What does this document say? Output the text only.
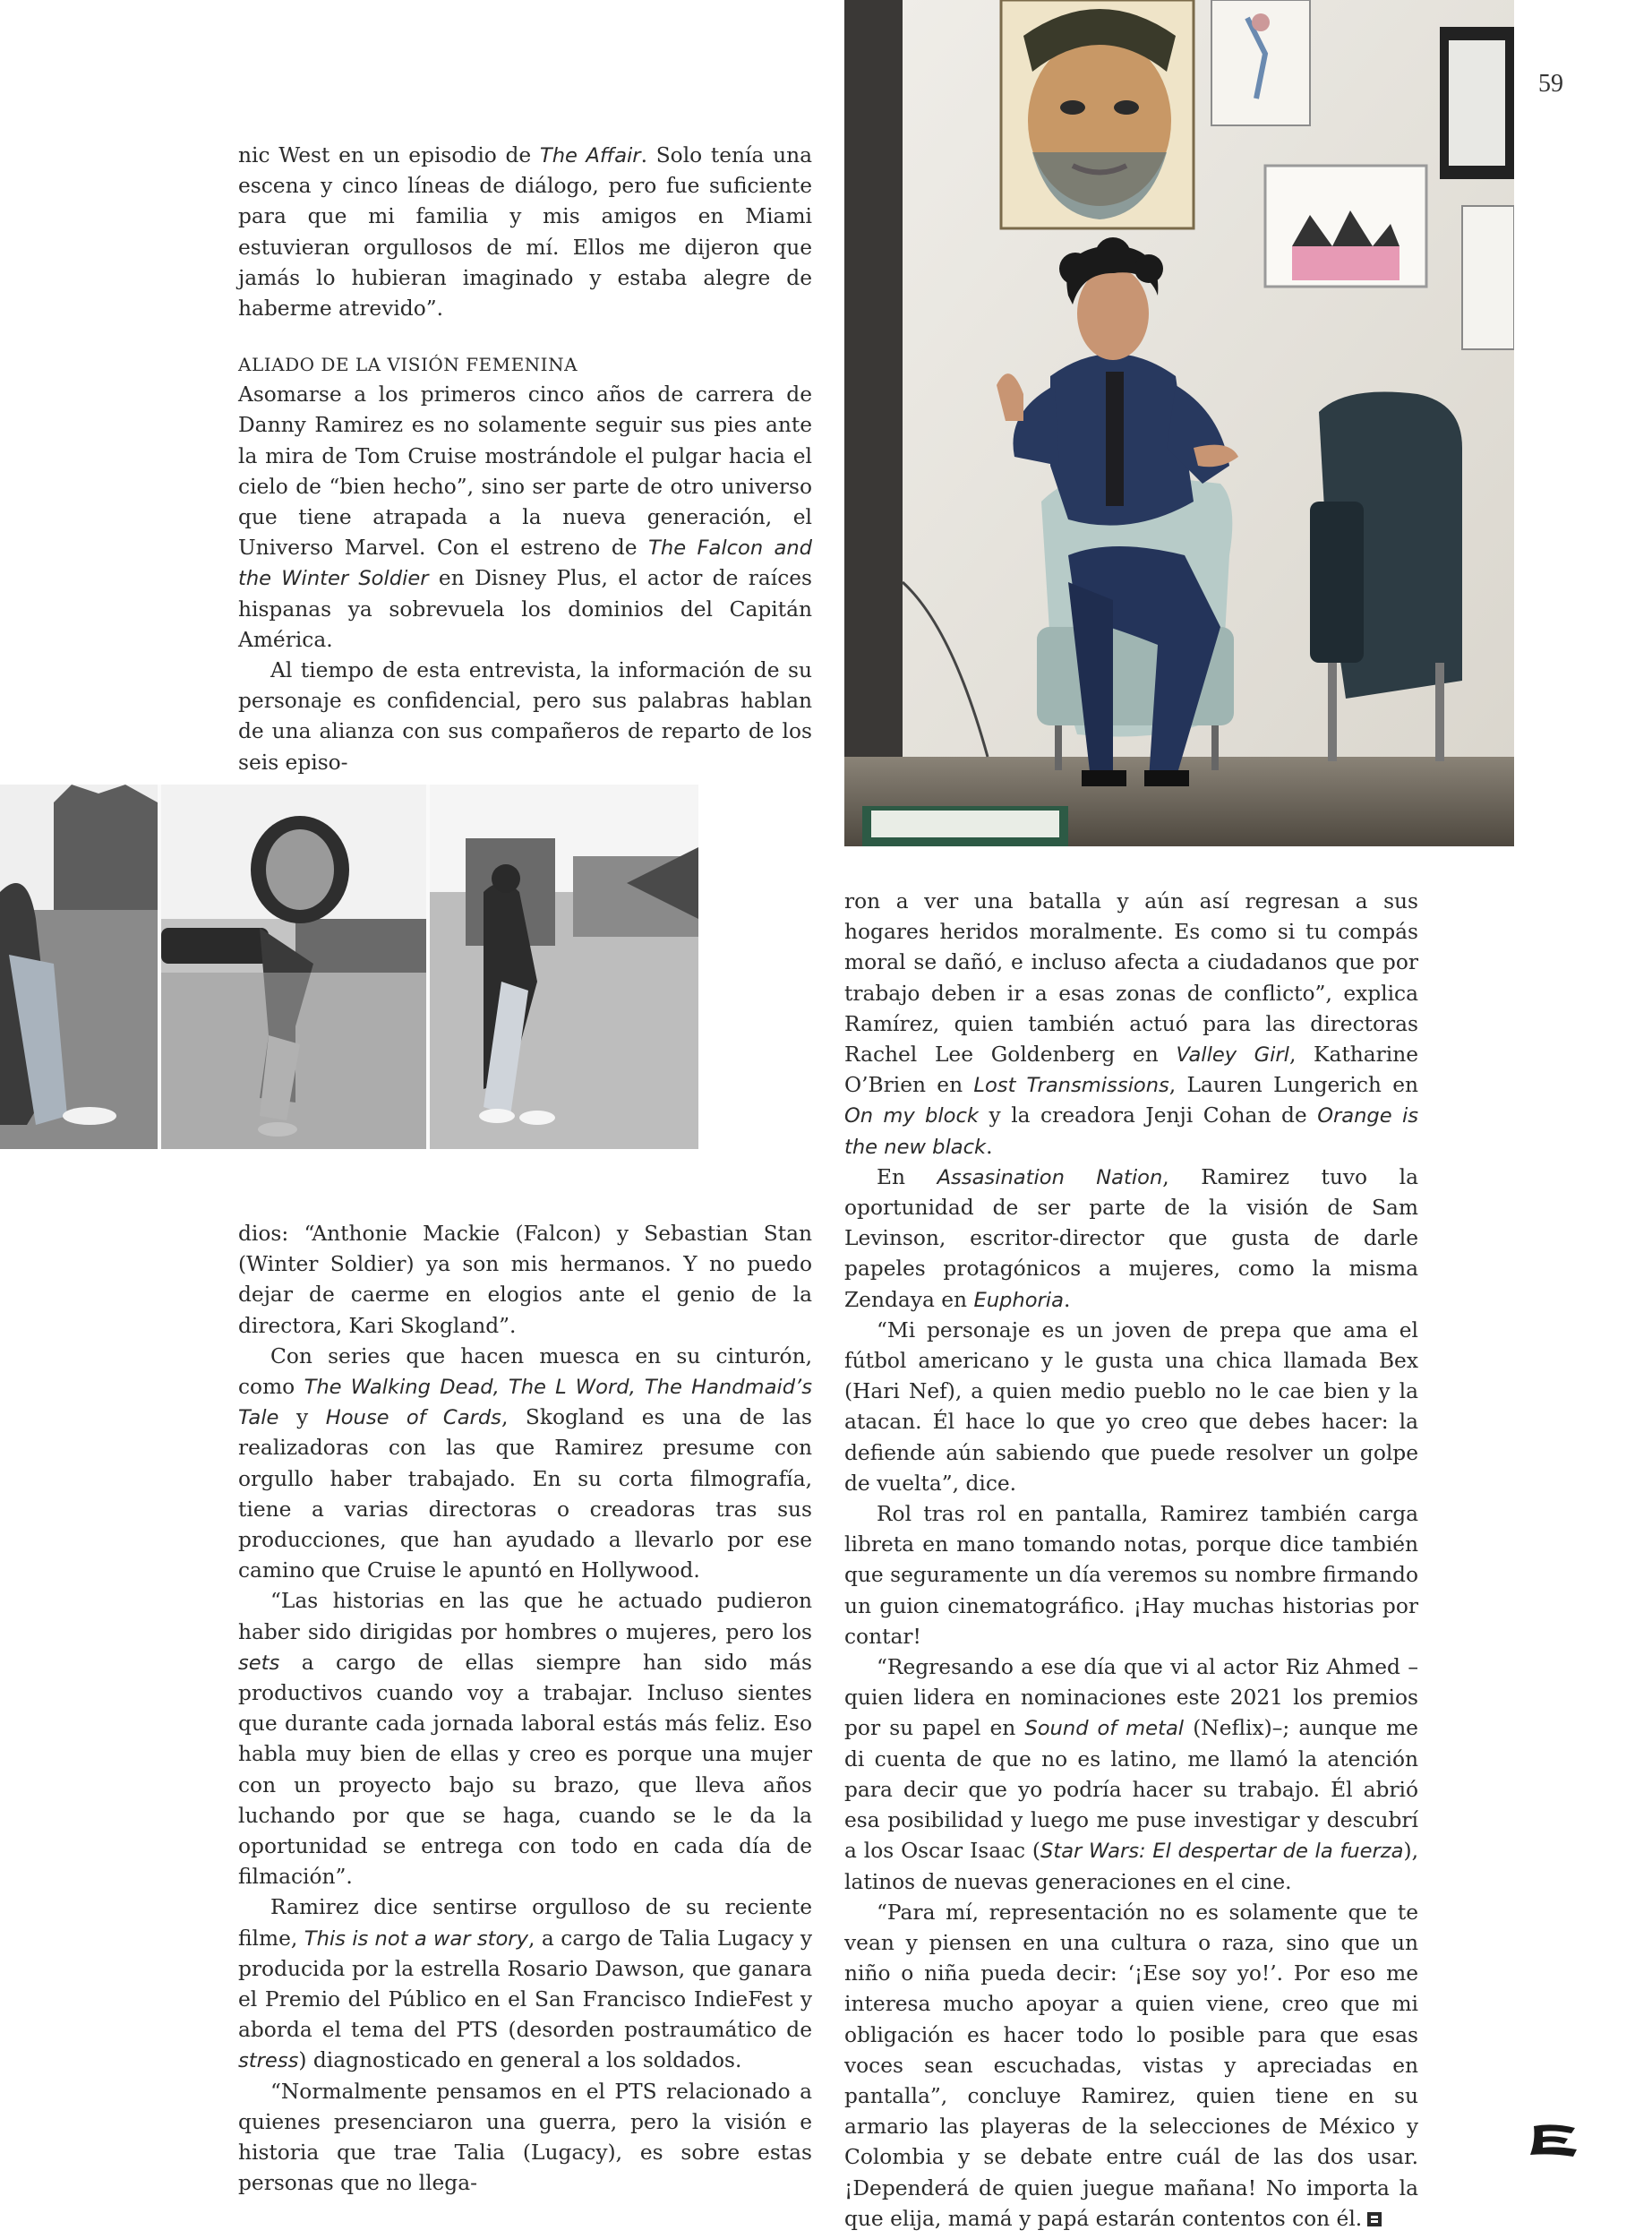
59

nic West en un episodio de The Affair. Solo tenía una escena y cinco líneas de diálogo, pero fue suficiente para que mi familia y mis amigos en Miami estuvieran orgullosos de mí. Ellos me dijeron que jamás lo hubieran imaginado y estaba alegre de haberme atrevido”.

ALIADO DE LA VISIÓN FEMENINA

Asomarse a los primeros cinco años de carrera de Danny Ramirez es no solamente seguir sus pies ante la mira de Tom Cruise mostrándole el pulgar hacia el cielo de “bien hecho”, sino ser parte de otro universo que tiene atrapada a la nueva generación, el Universo Marvel. Con el estreno de The Falcon and the Winter Soldier en Disney Plus, el actor de raíces hispanas ya sobrevuela los dominios del Capitán América.

Al tiempo de esta entrevista, la información de su personaje es confidencial, pero sus palabras hablan de una alianza con sus compañeros de reparto de los seis episo-

dios: “Anthonie Mackie (Falcon) y Sebastian Stan (Winter Soldier) ya son mis hermanos. Y no puedo dejar de caerme en elogios ante el genio de la directora, Kari Skogland”.

Con series que hacen muesca en su cinturón, como The Walking Dead, The L Word, The Handmaid’s Tale y House of Cards, Skogland es una de las realizadoras con las que Ramirez presume con orgullo haber trabajado. En su corta filmografía, tiene a varias directoras o creadoras tras sus producciones, que han ayudado a llevarlo por ese camino que Cruise le apuntó en Hollywood.

“Las historias en las que he actuado pudieron haber sido dirigidas por hombres o mujeres, pero los sets a cargo de ellas siempre han sido más productivos cuando voy a trabajar. Incluso sientes que durante cada jornada laboral estás más feliz. Eso habla muy bien de ellas y creo es porque una mujer con un proyecto bajo su brazo, que lleva años luchando por que se haga, cuando se le da la oportunidad se entrega con todo en cada día de filmación”.

Ramirez dice sentirse orgulloso de su reciente filme, This is not a war story, a cargo de Talia Lugacy y producida por la estrella Rosario Dawson, que ganara el Premio del Público en el San Francisco IndieFest y aborda el tema del PTS (desorden postraumático de stress) diagnosticado en general a los soldados.

“Normalmente pensamos en el PTS relacionado a quienes presenciaron una guerra, pero la visión e historia que trae Talia (Lugacy), es sobre estas personas que no llega-

ron a ver una batalla y aún así regresan a sus hogares heridos moralmente. Es como si tu compás moral se dañó, e incluso afecta a ciudadanos que por trabajo deben ir a esas zonas de conflicto”, explica Ramírez, quien también actuó para las directoras Rachel Lee Goldenberg en Valley Girl, Katharine O’Brien en Lost Transmissions, Lauren Lungerich en On my block y la creadora Jenji Cohan de Orange is the new black.

En Assasination Nation, Ramirez tuvo la oportunidad de ser parte de la visión de Sam Levinson, escritor-director que gusta de darle papeles protagónicos a mujeres, como la misma Zendaya en Euphoria.

“Mi personaje es un joven de prepa que ama el fútbol americano y le gusta una chica llamada Bex (Hari Nef), a quien medio pueblo no le cae bien y la atacan. Él hace lo que yo creo que debes hacer: la defiende aún sabiendo que puede resolver un golpe de vuelta”, dice.

Rol tras rol en pantalla, Ramirez también carga libreta en mano tomando notas, porque dice también que seguramente un día veremos su nombre firmando un guion cinematográfico. ¡Hay muchas historias por contar!

“Regresando a ese día que vi al actor Riz Ahmed –quien lidera en nominaciones este 2021 los premios por su papel en Sound of metal (Neflix)–; aunque me di cuenta de que no es latino, me llamó la atención para decir que yo podría hacer su trabajo. Él abrió esa posibilidad y luego me puse investigar y descubrí a los Oscar Isaac (Star Wars: El despertar de la fuerza), latinos de nuevas generaciones en el cine.

“Para mí, representación no es solamente que te vean y piensen en una cultura o raza, sino que un niño o niña pueda decir: ‘¡Ese soy yo!’. Por eso me interesa mucho apoyar a quien viene, creo que mi obligación es hacer todo lo posible para que esas voces sean escuchadas, vistas y apreciadas en pantalla”, concluye Ramirez, quien tiene en su armario las playeras de la selecciones de México y Colombia y se debate entre cuál de las dos usar. ¡Dependerá de quien juegue mañana! No importa la que elija, mamá y papá estarán contentos con él.
